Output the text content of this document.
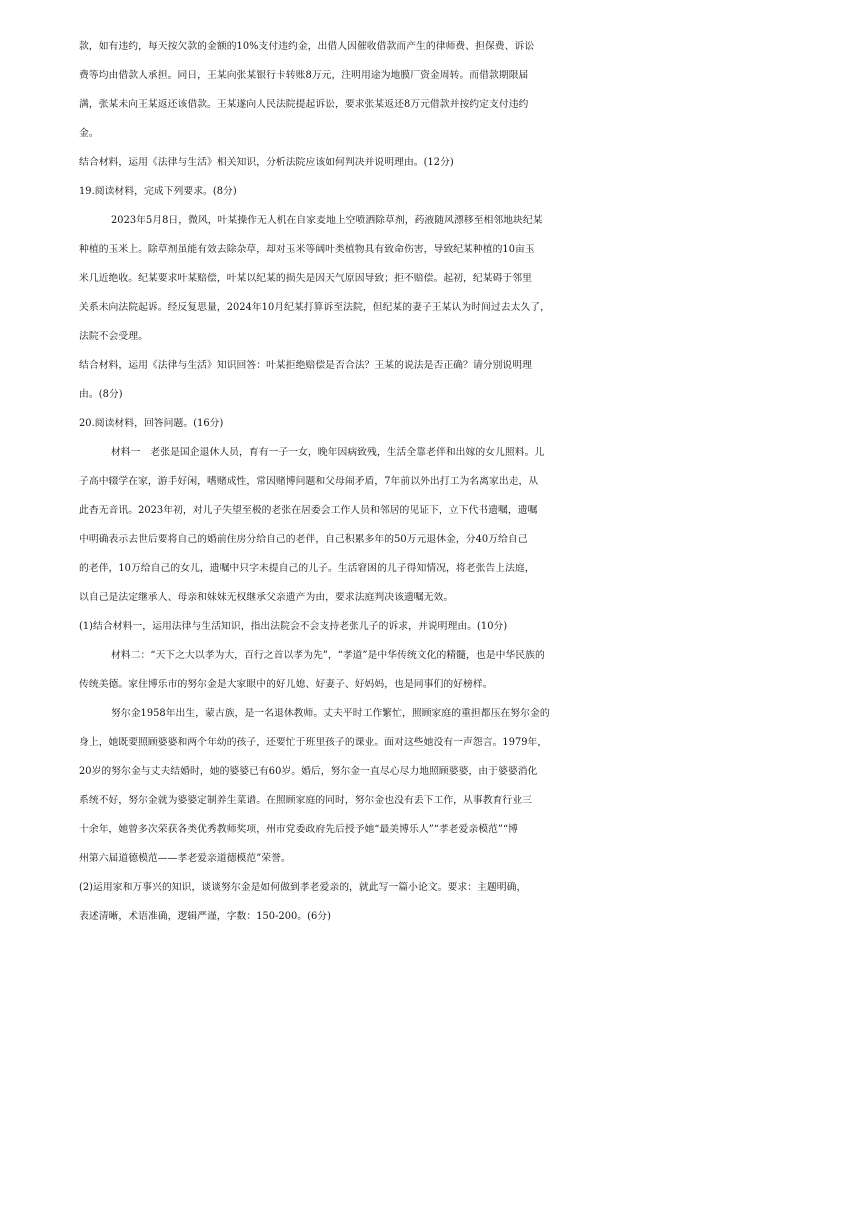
款，如有违约，每天按欠款的金额的10%支付违约金，出借人因催收借款而产生的律师费、担保费、诉讼

费等均由借款人承担。同日，王某向张某银行卡转账8万元，注明用途为地膜厂资金周转。而借款期限届

满，张某未向王某返还该借款。王某遂向人民法院提起诉讼，要求张某返还8万元借款并按约定支付违约

金。

结合材料，运用《法律与生活》相关知识，分析法院应该如何判决并说明理由。(12分)

19.阅读材料，完成下列要求。(8分)

2023年5月8日，微风，叶某操作无人机在自家麦地上空喷洒除草剂，药液随风漂移至相邻地块纪某

种植的玉米上。除草剂虽能有效去除杂草，却对玉米等阔叶类植物具有致命伤害，导致纪某种植的10亩玉

米几近绝收。纪某要求叶某赔偿，叶某以纪某的损失是因天气原因导致；拒不赔偿。起初，纪某碍于邻里

关系未向法院起诉。经反复思量，2024年10月纪某打算诉至法院，但纪某的妻子王某认为时间过去太久了，

法院不会受理。

结合材料，运用《法律与生活》知识回答：叶某拒绝赔偿是否合法？王某的说法是否正确？请分别说明理

由。(8分)

20.阅读材料，回答问题。(16分)

材料一　老张是国企退休人员，育有一子一女，晚年因病致残，生活全靠老伴和出嫁的女儿照料。儿

子高中辍学在家，游手好闲，嗜赌成性，常因赌博问题和父母闹矛盾，7年前以外出打工为名离家出走，从

此杳无音讯。2023年初，对儿子失望至极的老张在居委会工作人员和邻居的见证下，立下代书遗嘱，遗嘱

中明确表示去世后要将自己的婚前住房分给自己的老伴，自己积累多年的50万元退休金，分40万给自己

的老伴，10万给自己的女儿，遗嘱中只字未提自己的儿子。生活窘困的儿子得知情况，将老张告上法庭，

以自己是法定继承人、母亲和妹妹无权继承父亲遗产为由，要求法庭判决该遗嘱无效。

(1)结合材料一，运用法律与生活知识，指出法院会不会支持老张儿子的诉求，并说明理由。(10分)

材料二：“天下之大以孝为大，百行之首以孝为先”，“孝道”是中华传统文化的精髓，也是中华民族的

传统美德。家住博乐市的努尔金是大家眼中的好儿媳、好妻子、好妈妈，也是同事们的好榜样。

努尔金1958年出生，蒙古族，是一名退休教师。丈夫平时工作繁忙，照顾家庭的重担都压在努尔金的

身上，她既要照顾婆婆和两个年幼的孩子，还要忙于班里孩子的课业。面对这些她没有一声怨言。1979年，

20岁的努尔金与丈夫结婚时，她的婆婆已有60岁。婚后，努尔金一直尽心尽力地照顾婆婆，由于婆婆消化

系统不好，努尔金就为婆婆定制养生菜谱。在照顾家庭的同时，努尔金也没有丢下工作，从事教育行业三

十余年，她曾多次荣获各类优秀教师奖项，州市党委政府先后授予她“最美博乐人”“孝老爱亲模范”“博

州第六届道德模范——孝老爱亲道德模范”荣誉。

(2)运用家和万事兴的知识，谈谈努尔金是如何做到孝老爱亲的，就此写一篇小论文。要求：主题明确，

表述清晰，术语准确，逻辑严谨，字数：150-200。(6分)
